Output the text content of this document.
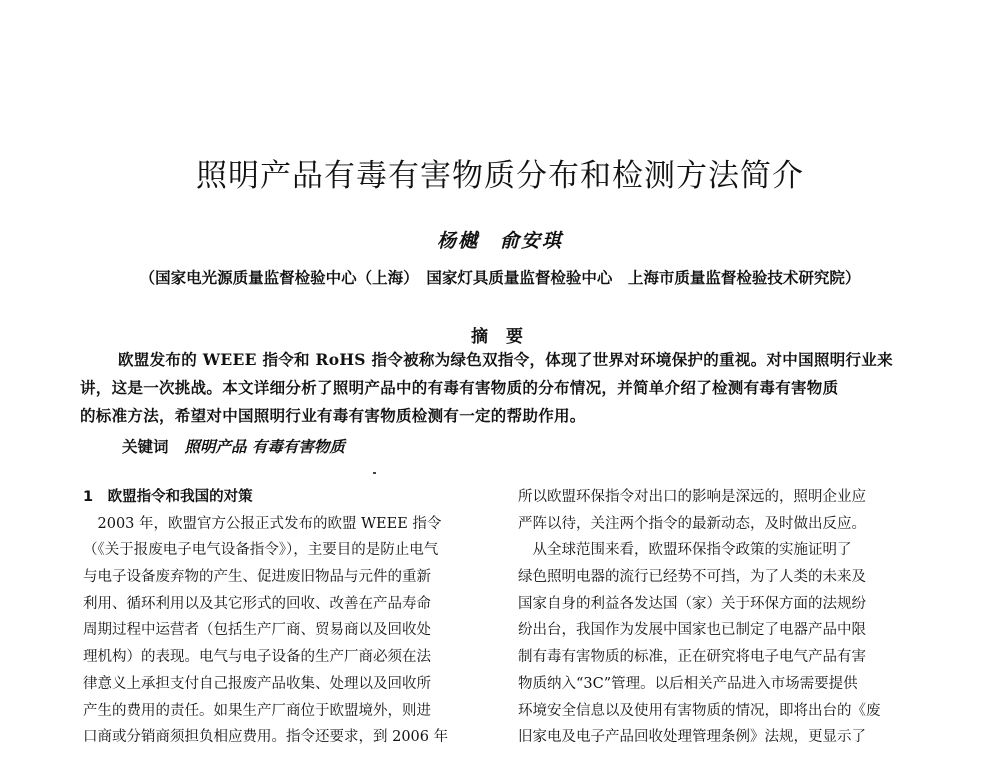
照明产品有毒有害物质分布和检测方法简介
杨樾　俞安琪
（国家电光源质量监督检验中心（上海）　国家灯具质量监督检验中心　上海市质量监督检验技术研究院）
摘 要
欧盟发布的 WEEE 指令和 RoHS 指令被称为绿色双指令，体现了世界对环境保护的重视。对中国照明行业来
讲，这是一次挑战。本文详细分析了照明产品中的有毒有害物质的分布情况，并简单介绍了检测有毒有害物质
的标准方法，希望对中国照明行业有毒有害物质检测有一定的帮助作用。
关键词 照明产品 有毒有害物质
1　欧盟指令和我国的对策
　2003 年，欧盟官方公报正式发布的欧盟 WEEE 指令
（《关于报废电子电气设备指令》），主要目的是防止电气
与电子设备废弃物的产生、促进废旧物品与元件的重新
利用、循环利用以及其它形式的回收、改善在产品寿命
周期过程中运营者（包括生产厂商、贸易商以及回收处
理机构）的表现。电气与电子设备的生产厂商必须在法
律意义上承担支付自己报废产品收集、处理以及回收所
产生的费用的责任。如果生产厂商位于欧盟境外，则进
口商或分销商须担负相应费用。指令还要求，到 2006 年
所以欧盟环保指令对出口的影响是深远的，照明企业应
严阵以待，关注两个指令的最新动态，及时做出反应。
　从全球范围来看，欧盟环保指令政策的实施证明了
绿色照明电器的流行已经势不可挡，为了人类的未来及
国家自身的利益各发达国（家）关于环保方面的法规纷
纷出台，我国作为发展中国家也已制定了电器产品中限
制有毒有害物质的标准，正在研究将电子电气产品有害
物质纳入“3C”管理。以后相关产品进入市场需要提供
环境安全信息以及使用有害物质的情况，即将出台的《废
旧家电及电子产品回收处理管理条例》法规，更显示了
